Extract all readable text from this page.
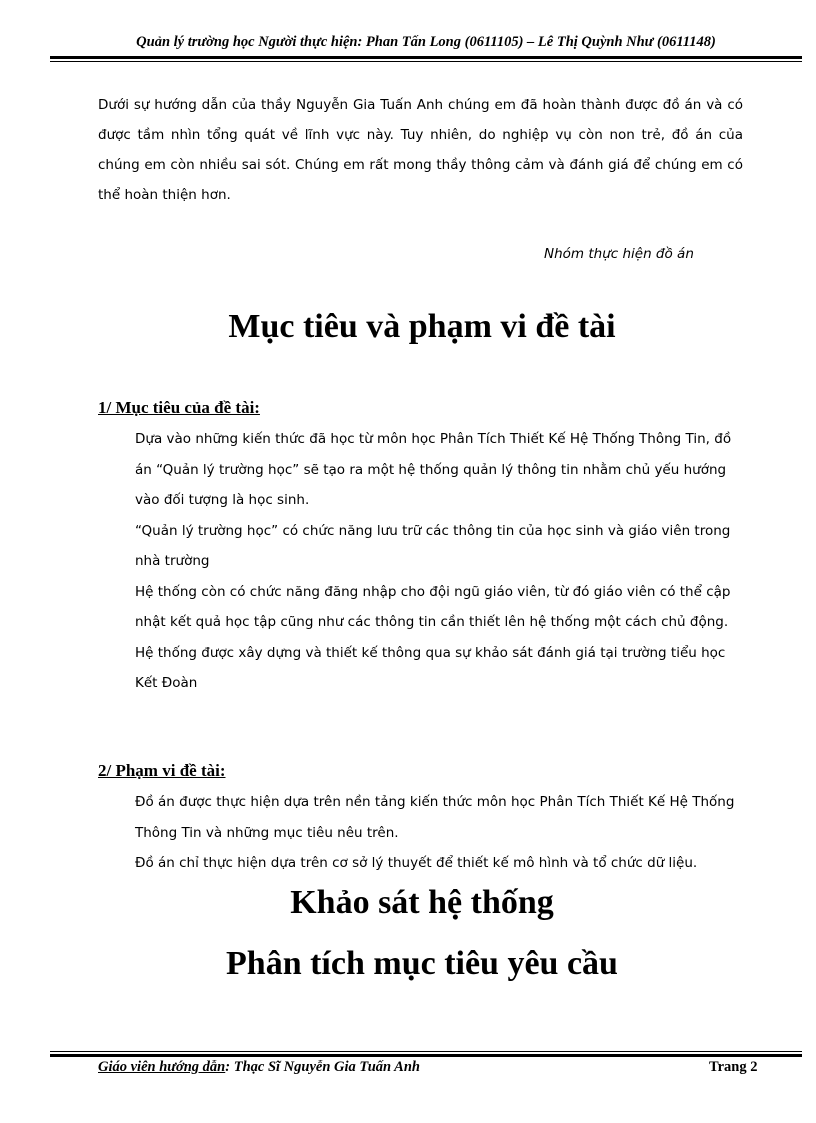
Quản lý trường học Người thực hiện: Phan Tấn Long (0611105) – Lê Thị Quỳnh Như (0611148)

Dưới sự hướng dẫn của thầy Nguyễn Gia Tuấn Anh chúng em đã hoàn thành được đồ án và có được tầm nhìn tổng quát về lĩnh vực này. Tuy nhiên, do nghiệp vụ còn non trẻ, đồ án của chúng em còn nhiều sai sót. Chúng em rất mong thầy thông cảm và đánh giá để chúng em có thể hoàn thiện hơn.

Nhóm thực hiện đồ án
Mục tiêu và phạm vi đề tài
1/ Mục tiêu của đề tài:

Dựa vào những kiến thức đã học từ môn học Phân Tích Thiết Kế Hệ Thống Thông Tin, đồ án “Quản lý trường học” sẽ tạo ra một hệ thống quản lý thông tin nhằm chủ yếu hướng vào đối tượng là học sinh.

“Quản lý trường học” có chức năng lưu trữ các thông tin của học sinh và giáo viên trong nhà trường

Hệ thống còn có chức năng đăng nhập cho đội ngũ giáo viên, từ đó giáo viên có thể cập nhật kết quả học tập cũng như các thông tin cần thiết lên hệ thống một cách chủ động.

Hệ thống được xây dựng và thiết kế thông qua sự khảo sát đánh giá tại trường tiểu học Kết Đoàn

2/ Phạm vi đề tài:

Đồ án được thực hiện dựa trên nền tảng kiến thức môn học Phân Tích Thiết Kế Hệ Thống Thông Tin và những mục tiêu nêu trên.

Đồ án chỉ thực hiện dựa trên cơ sở lý thuyết để thiết kế mô hình và tổ chức dữ liệu.

Khảo sát hệ thống
Phân tích mục tiêu yêu cầu
Giáo viên hướng dẫn: Thạc Sĩ Nguyễn Gia Tuấn Anh	Trang 2
